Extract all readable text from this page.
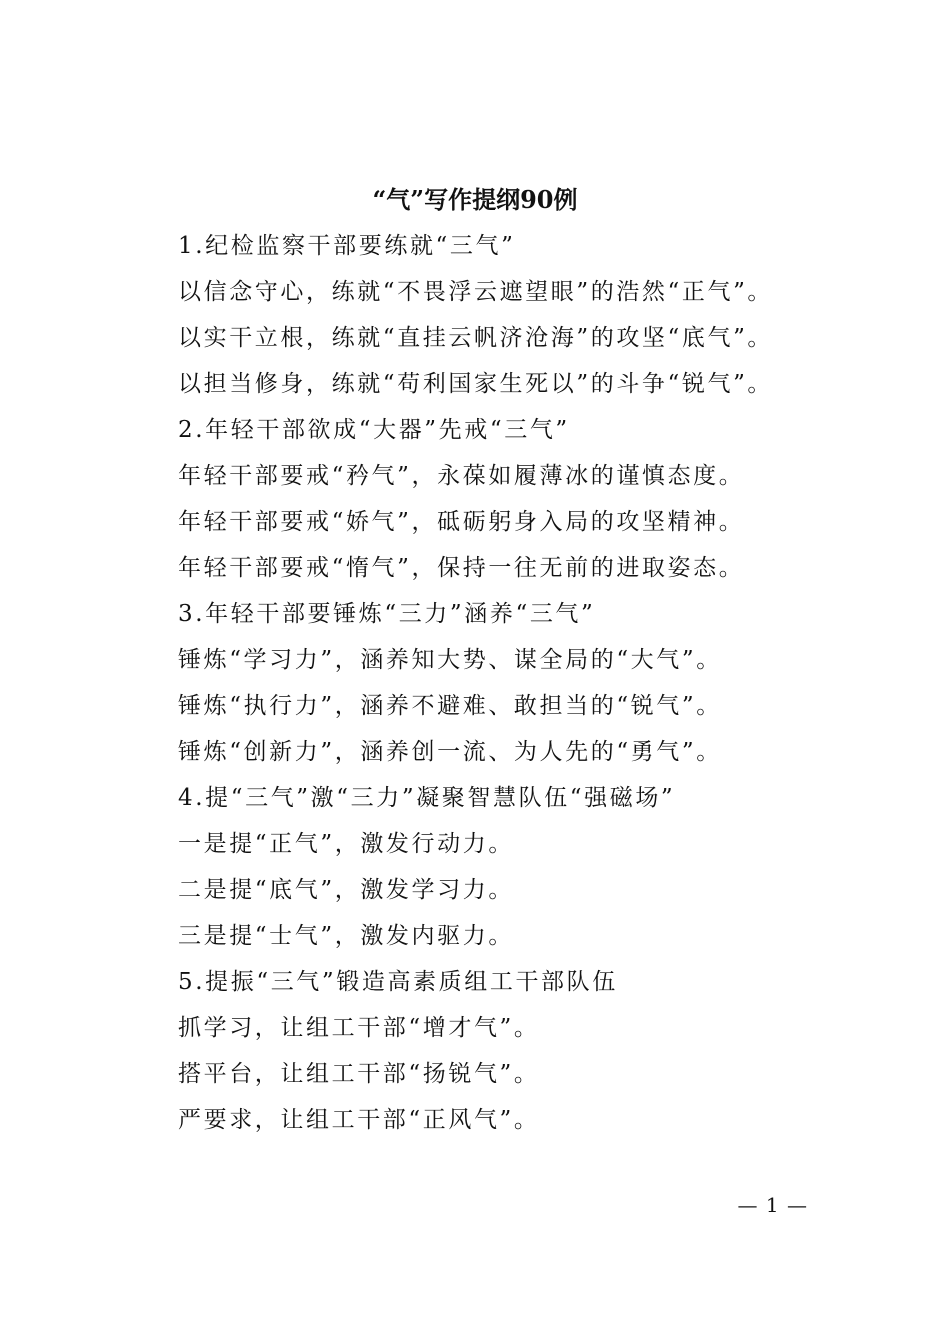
“气”写作提纲90例
1.纪检监察干部要练就“三气”
以信念守心，练就“不畏浮云遮望眼”的浩然“正气”。
以实干立根，练就“直挂云帆济沧海”的攻坚“底气”。
以担当修身，练就“苟利国家生死以”的斗争“锐气”。
2.年轻干部欲成“大器”先戒“三气”
年轻干部要戒“矜气”，永葆如履薄冰的谨慎态度。
年轻干部要戒“娇气”，砥砺躬身入局的攻坚精神。
年轻干部要戒“惰气”，保持一往无前的进取姿态。
3.年轻干部要锤炼“三力”涵养“三气”
锤炼“学习力”，涵养知大势、谋全局的“大气”。
锤炼“执行力”，涵养不避难、敢担当的“锐气”。
锤炼“创新力”，涵养创一流、为人先的“勇气”。
4.提“三气”激“三力”凝聚智慧队伍“强磁场”
一是提“正气”，激发行动力。
二是提“底气”，激发学习力。
三是提“士气”，激发内驱力。
5.提振“三气”锻造高素质组工干部队伍
抓学习，让组工干部“增才气”。
搭平台，让组工干部“扬锐气”。
严要求，让组工干部“正风气”。
— 1 —
